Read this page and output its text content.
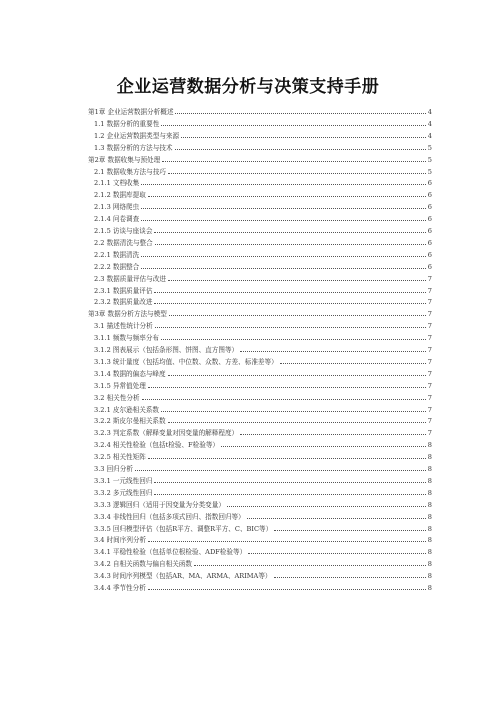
企业运营数据分析与决策支持手册
第1章 企业运营数据分析概述	4
1.1 数据分析的重要性	4
1.2 企业运营数据类型与来源	4
1.3 数据分析的方法与技术	5
第2章 数据收集与预处理	5
2.1 数据收集方法与技巧	5
2.1.1 文档收集	6
2.1.2 数据库提取	6
2.1.3 网络爬虫	6
2.1.4 问卷调查	6
2.1.5 访谈与座谈会	6
2.2 数据清洗与整合	6
2.2.1 数据清洗	6
2.2.2 数据整合	6
2.3 数据质量评估与改进	7
2.3.1 数据质量评估	7
2.3.2 数据质量改进	7
第3章 数据分析方法与模型	7
3.1 描述性统计分析	7
3.1.1 频数与频率分布	7
3.1.2 图表展示（包括条形图、饼图、直方图等）	7
3.1.3 统计量度（包括均值、中位数、众数、方差、标准差等）	7
3.1.4 数据的偏态与峰度	7
3.1.5 异常值处理	7
3.2 相关性分析	7
3.2.1 皮尔逊相关系数	7
3.2.2 斯皮尔曼相关系数	7
3.2.3 判定系数（解释变量对因变量的解释程度）	7
3.2.4 相关性检验（包括t检验、F检验等）	8
3.2.5 相关性矩阵	8
3.3 回归分析	8
3.3.1 一元线性回归	8
3.3.2 多元线性回归	8
3.3.3 逻辑回归（适用于因变量为分类变量）	8
3.3.4 非线性回归（包括多项式回归、指数回归等）	8
3.3.5 回归模型评估（包括R平方、调整R平方、C、BIC等）	8
3.4 时间序列分析	8
3.4.1 平稳性检验（包括单位根检验、ADF检验等）	8
3.4.2 自相关函数与偏自相关函数	8
3.4.3 时间序列模型（包括AR、MA、ARMA、ARIMA等）	8
3.4.4 季节性分析	8
